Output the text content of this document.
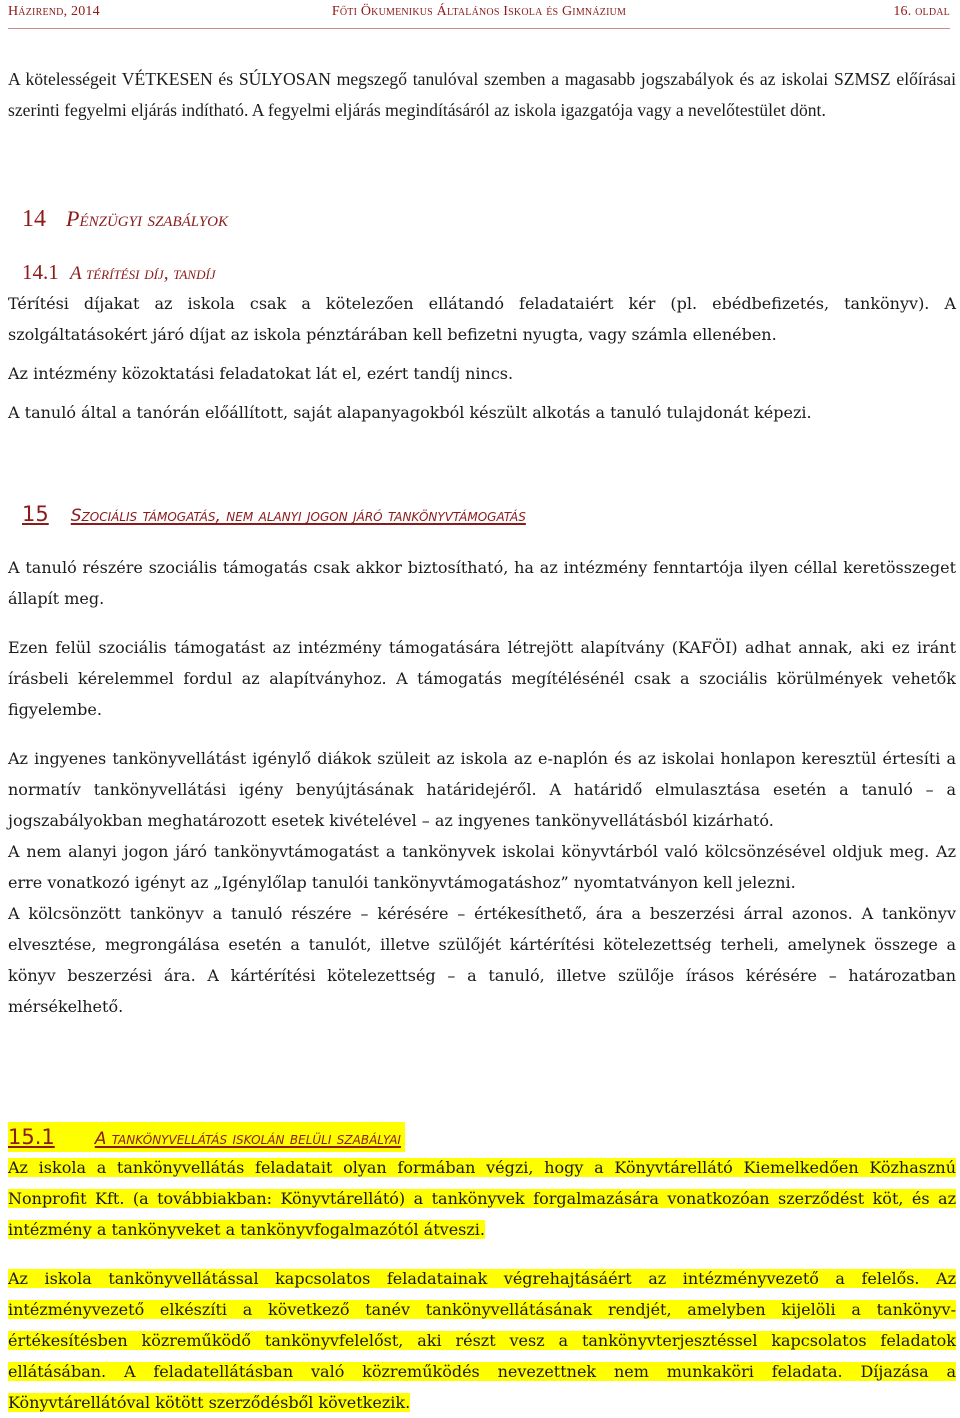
Házirend, 2014	Főti Ökumenikus Általános Iskola és Gimnázium	16. oldal

A kötelességeit VÉTKESEN és SÚLYOSAN megszegő tanulóval szemben a magasabb jogszabályok és az iskolai SZMSZ előírásai szerinti fegyelmi eljárás indítható. A fegyelmi eljárás megindításáról az iskola igazgatója vagy a nevelőtestület dönt.

14 Pénzügyi szabályok
14.1 A térítési díj, tandíj

Térítési díjakat az iskola csak a kötelezően ellátandó feladataiért kér (pl. ebédbefizetés, tankönyv). A szolgáltatásokért járó díjat az iskola pénztárában kell befizetni nyugta, vagy számla ellenében.

Az intézmény közoktatási feladatokat lát el, ezért tandíj nincs.

A tanuló által a tanórán előállított, saját alapanyagokból készült alkotás a tanuló tulajdonát képezi.

15 Szociális támogatás, nem alanyi jogon járó tankönyvtámogatás

A tanuló részére szociális támogatás csak akkor biztosítható, ha az intézmény fenntartója ilyen céllal keretösszeget állapít meg.

Ezen felül szociális támogatást az intézmény támogatására létrejött alapítvány (KAFÖI) adhat annak, aki ez iránt írásbeli kérelemmel fordul az alapítványhoz. A támogatás megítélésénél csak a szociális körülmények vehetők figyelembe.

Az ingyenes tankönyvellátást igénylő diákok szüleit az iskola az e-naplón és az iskolai honlapon keresztül értesíti a normatív tankönyvellátási igény benyújtásának határidejéről. A határidő elmulasztása esetén a tanuló – a jogszabályokban meghatározott esetek kivételével – az ingyenes tankönyvellátásból kizárható.

A nem alanyi jogon járó tankönyvtámogatást a tankönyvek iskolai könyvtárból való kölcsönzésével oldjuk meg. Az erre vonatkozó igényt az „Igénylőlap tanulói tankönyvtámogatáshoz” nyomtatványon kell jelezni.

A kölcsönzött tankönyv a tanuló részére – kérésére – értékesíthető, ára a beszerzési árral azonos. A tankönyv elvesztése, megrongálása esetén a tanulót, illetve szülőjét kártérítési kötelezettség terheli, amelynek összege a könyv beszerzési ára. A kártérítési kötelezettség – a tanuló, illetve szülője írásos kérésére – határozatban mérsékelhető.

15.1 A tankönyvellátás iskolán belüli szabályai

Az iskola a tankönyvellátás feladatait olyan formában végzi, hogy a Könyvtárellátó Kiemelkedően Közhasznú Nonprofit Kft. (a továbbiakban: Könyvtárellátó) a tankönyvek forgalmazására vonatkozóan szerződést köt, és az intézmény a tankönyveket a tankönyvfogalmazótól átveszi.

Az iskola tankönyvellátással kapcsolatos feladatainak végrehajtásáért az intézményvezető a felelős. Az intézményvezető elkészíti a következő tanév tankönyvellátásának rendjét, amelyben kijelöli a tankönyv-értékesítésben közreműködő tankönyvfelelőst, aki részt vesz a tankönyvterjesztéssel kapcsolatos feladatok ellátásában. A feladatellátásban való közreműködés nevezettnek nem munkaköri feladata. Díjazása a Könyvtárellátóval kötött szerződésből következik.
